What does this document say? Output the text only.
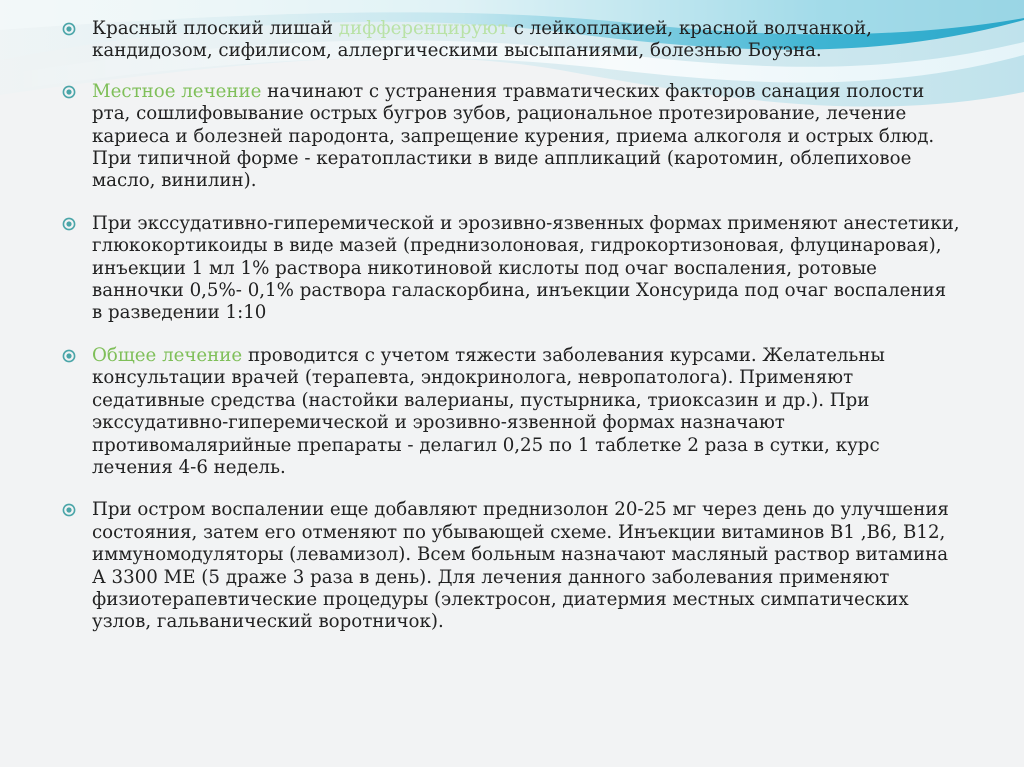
Красный плоский лишай дифференцируют с лейкоплакией, красной волчанкой, кандидозом, сифилисом, аллергическими высыпаниями, болезнью Боуэна.
Местное лечение начинают с устранения травматических факторов санация полости рта, сошлифовывание острых бугров зубов, рациональное протезирование, лечение кариеса и болезней пародонта, запрещение курения, приема алкоголя и острых блюд. При типичной форме - кератопластики в виде аппликаций (каротомин, облепиховое масло, винилин).
При экссудативно-гиперемической и эрозивно-язвенных формах применяют анестетики, глюкокортикоиды в виде мазей (преднизолоновая, гидрокортизоновая, флуцинаровая), инъекции 1 мл 1% раствора никотиновой кислоты под очаг воспаления, ротовые ванночки 0,5%- 0,1% раствора галаскорбина, инъекции Хонсурида под очаг воспаления в разведении 1:10
Общее лечение проводится с учетом тяжести заболевания курсами. Желательны консультации врачей (терапевта, эндокринолога, невропатолога). Применяют седативные средства (настойки валерианы, пустырника, триоксазин и др.). При экссудативно-гиперемической и эрозивно-язвенной формах назначают противомалярийные препараты - делагил 0,25 по 1 таблетке 2 раза в сутки, курс лечения 4-6 недель.
При остром воспалении еще добавляют преднизолон 20-25 мг через день до улучшения состояния, затем его отменяют по убывающей схеме. Инъекции витаминов B1 ,B6, B12, иммуномодуляторы (левамизол). Всем больным назначают масляный раствор витамина А 3300 МЕ (5 драже 3 раза в день). Для лечения данного заболевания применяют физиотерапевтические процедуры (электросон, диатермия местных симпатических узлов, гальванический воротничок).
